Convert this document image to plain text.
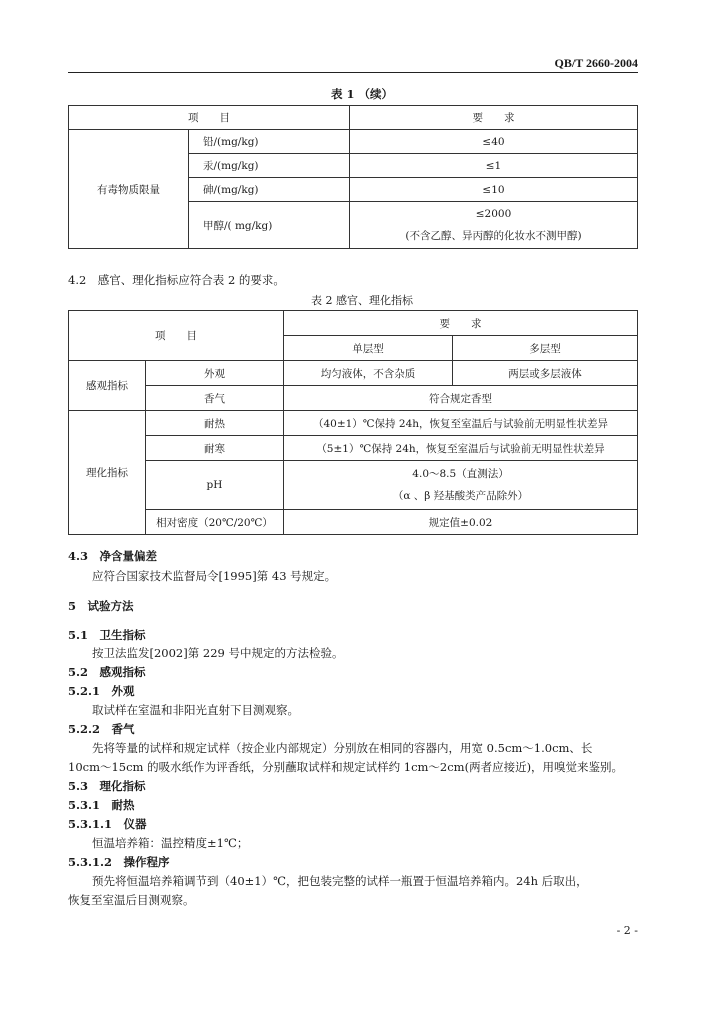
QB/T 2660-2004
表 1 （续）
项　　目		要　　求
有毒物质限量	铅/(mg/kg)	≤40
	汞/(mg/kg)	≤1
	砷/(mg/kg)	≤10
	甲醇/( mg/kg)	≤2000
(不含乙醇、异丙醇的化妆水不测甲醇)
4.2　感官、理化指标应符合表 2 的要求。
表 2 感官、理化指标
项　　目		要　　求	
		单层型	多层型
感观指标	外观	均匀液体，不含杂质	两层或多层液体
	香气	符合规定香型	
理化指标	耐热	（40±1）℃保持 24h，恢复至室温后与试验前无明显性状差异	
	耐寒	（5±1）℃保持 24h，恢复至室温后与试验前无明显性状差异	
	pH	4.0～8.5（直测法）
（α 、β 羟基酸类产品除外）	

	相对密度（20℃/20℃）	规定值±0.02	
4.3　净含量偏差
应符合国家技术监督局令[1995]第 43 号规定。
5　试验方法
5.1　卫生指标
按卫法监发[2002]第 229 号中规定的方法检验。
5.2　感观指标
5.2.1　外观
取试样在室温和非阳光直射下目测观察。
5.2.2　香气
先将等量的试样和规定试样（按企业内部规定）分别放在相同的容器内，用宽 0.5cm～1.0cm、长
10cm～15cm 的吸水纸作为评香纸，分别蘸取试样和规定试样约 1cm～2cm(两者应接近)，用嗅觉来鉴别。
5.3　理化指标
5.3.1　耐热
5.3.1.1　仪器
恒温培养箱：温控精度±1℃；
5.3.1.2　操作程序
预先将恒温培养箱调节到（40±1）℃，把包装完整的试样一瓶置于恒温培养箱内。24h 后取出，
恢复至室温后目测观察。
- 2 -
